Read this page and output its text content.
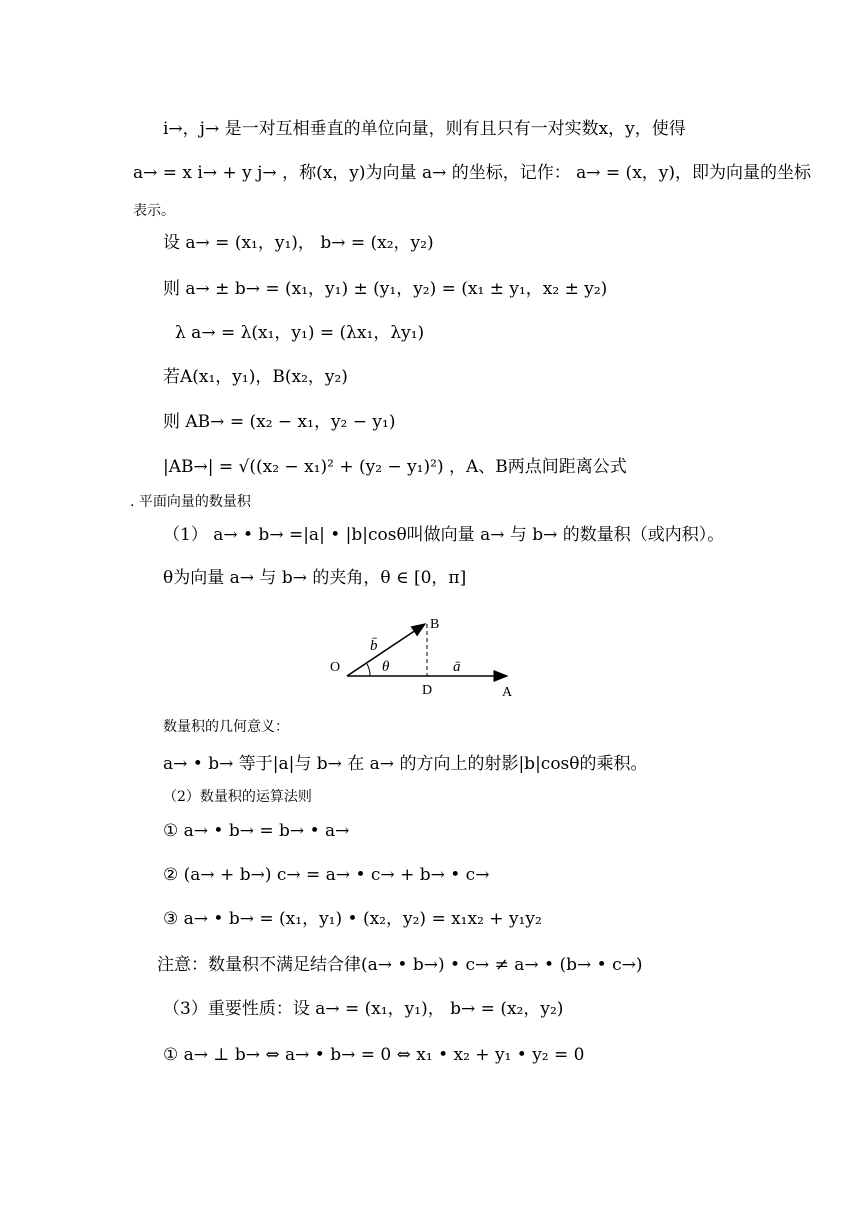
i→，j→ 是一对互相垂直的单位向量，则有且只有一对实数x，y，使得
a→ = x i→ + y j→ ，称(x，y)为向量 a→ 的坐标，记作： a→ = (x，y)，即为向量的坐标
表示。
设 a→ = (x₁，y₁)， b→ = (x₂，y₂)
则 a→ ± b→ = (x₁，y₁) ± (y₁，y₂) = (x₁ ± y₁，x₂ ± y₂)
λ a→ = λ(x₁，y₁) = (λx₁，λy₁)
若A(x₁，y₁)，B(x₂，y₂)
则 AB→ = (x₂ − x₁，y₂ − y₁)
|AB→| = √((x₂ − x₁)² + (y₂ − y₁)²) ，A、B两点间距离公式
. 平面向量的数量积
（1） a→ • b→ =|a| • |b|cosθ叫做向量 a→ 与 b→ 的数量积（或内积）。
θ为向量 a→ 与 b→ 的夹角，θ ∈ [0，π]
O
A
B
D
b̄
ā
θ
数量积的几何意义：
a→ • b→ 等于|a|与 b→ 在 a→ 的方向上的射影|b|cosθ的乘积。
（2）数量积的运算法则
① a→ • b→ = b→ • a→
② (a→ + b→) c→ = a→ • c→ + b→ • c→
③ a→ • b→ = (x₁，y₁) • (x₂，y₂) = x₁x₂ + y₁y₂
注意：数量积不满足结合律(a→ • b→) • c→ ≠ a→ • (b→ • c→)
（3）重要性质：设 a→ = (x₁，y₁)， b→ = (x₂，y₂)
① a→ ⊥ b→ ⇔ a→ • b→ = 0 ⇔ x₁ • x₂ + y₁ • y₂ = 0
